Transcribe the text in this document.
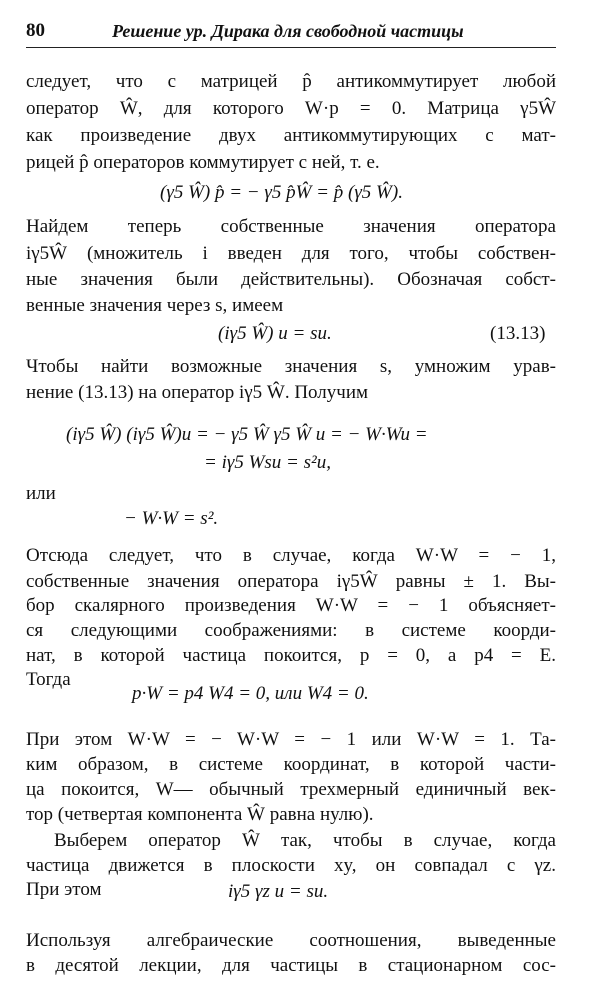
80	Решение ур. Дирака для свободной частицы
следует, что с матрицей p̂ антикоммутирует любой
оператор Ŵ, для которого W·p = 0. Матрица γ5Ŵ
как произведение двух антикоммутирующих с мат-
рицей p̂ операторов коммутирует с ней, т. е.
(γ5 Ŵ) p̂ = − γ5 p̂Ŵ = p̂ (γ5 Ŵ).
Найдем теперь собственные значения оператора
iγ5Ŵ (множитель i введен для того, чтобы собствен-
ные значения были действительны). Обозначая собст-
венные значения через s, имеем
(iγ5 Ŵ) u = su.	(13.13)
Чтобы найти возможные значения s, умножим урав-
нение (13.13) на оператор iγ5 Ŵ. Получим
(iγ5 Ŵ) (iγ5 Ŵ)u = − γ5 Ŵ γ5 Ŵ u = − W·Wu =
= iγ5 Wsu = s²u,
или
− W·W = s².
Отсюда следует, что в случае, когда W·W = − 1,
собственные значения оператора iγ5Ŵ равны ± 1. Вы-
бор скалярного произведения W·W = − 1 объясняет-
ся следующими соображениями: в системе коорди-
нат, в которой частица покоится, p = 0, а p4 = E.
Тогда
p·W = p4 W4 = 0, или W4 = 0.
При этом W·W = − W·W = − 1 или W·W = 1. Та-
ким образом, в системе координат, в которой части-
ца покоится, W— обычный трехмерный единичный век-
тор (четвертая компонента Ŵ равна нулю).
Выберем оператор Ŵ так, чтобы в случае, когда
частица движется в плоскости xy, он совпадал с γz.
При этом	iγ5 γz u = su.
Используя алгебраические соотношения, выведенные
в десятой лекции, для частицы в стационарном сос-
